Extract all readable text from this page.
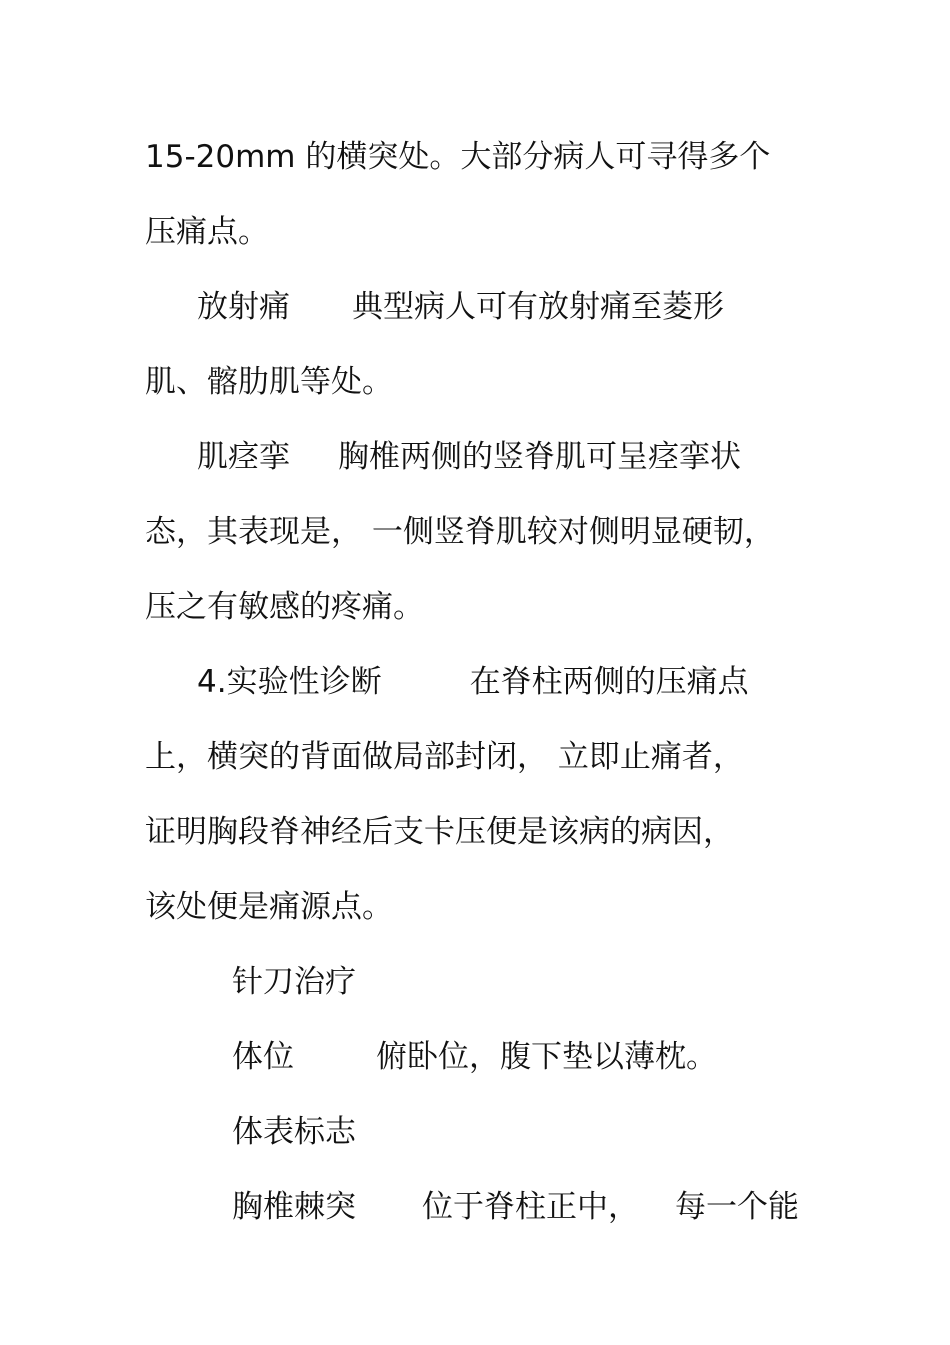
15-20mm 的横突处。大部分病人可寻得多个
压痛点。
放射痛 典型病人可有放射痛至菱形
肌、髂肋肌等处。
肌痉挛 胸椎两侧的竖脊肌可呈痉挛状
态，其表现是， 一侧竖脊肌较对侧明显硬韧，
压之有敏感的疼痛。
4.实验性诊断	在脊柱两侧的压痛点
上，横突的背面做局部封闭， 立即止痛者，
证明胸段脊神经后支卡压便是该病的病因，
该处便是痛源点。
针刀治疗
体位	俯卧位，腹下垫以薄枕。
体表标志
胸椎棘突 位于脊柱正中， 每一个能
